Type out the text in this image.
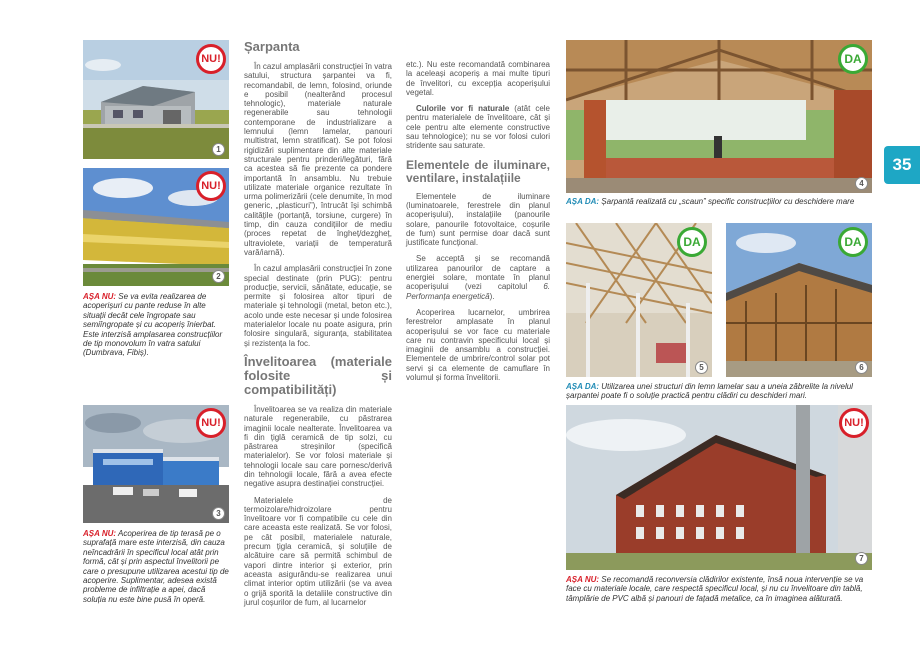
NU!
1
NU!
2
AȘA NU: Se va evita realizarea de acoperișuri cu pante reduse în alte situații decât cele îngropate sau semiîngropate și cu acoperiș înierbat. Este interzisă amplasarea construcțiilor de tip monovolum în vatra satului (Dumbrava, Fibiș).
NU!
3
AȘA NU: Acoperirea de tip terasă pe o suprafață mare este interzisă, din cauza neîncadrării în specificul local atât prin formă, cât și prin aspectul învelitorii pe care o presupune utilizarea acestui tip de acoperire. Suplimentar, adesea există probleme de infiltrație a apei, dacă soluția nu este bine pusă în operă.
Șarpanta

În cazul amplasării construcției în vatra satului, structura șarpantei va fi, recomandabil, de lemn, folosind, oriunde e posibil (nealterând procesul tehnologic), materiale naturale regenerabile sau tehnologii contemporane de industrializare a lemnului (lemn lamelar, panouri multistrat, lemn stratificat). Se pot folosi rigidizări suplimentare din alte materiale structurale pentru prinderi/legături, fără ca acestea să fie prezente ca pondere importantă în ansamblu. Nu trebuie utilizate materiale organice rezultate în urma polimerizării (cele denumite, în mod generic, „plasticuri”), întrucât își schimbă calitățile (portanță, torsiune, curgere) în timp, din cauza condițiilor de mediu (proces repetat de îngheț/dezgheț, ultraviolete, variații de temperatură vară/iarnă).

În cazul amplasării construcției în zone special destinate (prin PUG): pentru producție, servicii, sănătate, educație, se permite și folosirea altor tipuri de materiale și tehnologii (metal, beton etc.), acolo unde este necesar și unde folosirea materialelor locale nu poate asigura, prin folosire singulară, siguranța, stabilitatea și rezistența la foc.

Învelitoarea (materiale folosite și compatibilități)

Învelitoarea se va realiza din materiale naturale regenerabile, cu păstrarea imaginii locale nealterate. Învelitoarea va fi din țiglă ceramică de tip solzi, cu păstrarea streșinilor (specifică materialelor). Se vor folosi materiale și tehnologii locale sau care pornesc/derivă din tehnologii locale, fără a avea efecte negative asupra destinației construcției.

Materialele de termoizolare/hidroizolare pentru învelitoare vor fi compatibile cu cele din care aceasta este realizată. Se vor folosi, pe cât posibil, materialele naturale, precum țigla ceramică, și soluțiile de alcătuire care să permită schimbul de vapori dintre interior și exterior, prin aceasta asigurându-se realizarea unui climat interior optim utilizării (se va avea o grijă sporită la detaliile constructive din jurul coșurilor de fum, al lucarnelor

etc.). Nu este recomandată combinarea la aceleași acoperiș a mai multe tipuri de învelitori, cu excepția acoperișului vegetal.

Culorile vor fi naturale (atât cele pentru materialele de învelitoare, cât și cele pentru alte elemente constructive sau tehnologice); nu se vor folosi culori stridente sau saturate.

Elementele de iluminare, ventilare, instalațiile

Elementele de iluminare (luminatoarele, ferestrele din planul acoperișului), instalațiile (panourile solare, panourile fotovoltaice, coșurile de fum) sunt permise doar dacă sunt justificate funcțional.

Se acceptă și se recomandă utilizarea panourilor de captare a energiei solare, montate în planul acoperișului (vezi capitolul 6. Performanța energetică).

Acoperirea lucarnelor, umbrirea ferestrelor amplasate în planul acoperișului se vor face cu materiale care nu contravin specificului local și imaginii de ansamblu a construcției. Elementele de umbrire/control solar pot servi și ca elemente de camuflare în volumul și forma învelitorii.

DA
4
AȘA DA: Șarpantă realizată cu „scaun” specific construcțiilor cu deschidere mare
DA
5
DA
6
AȘA DA: Utilizarea unei structuri din lemn lamelar sau a uneia zăbrelite la nivelul șarpantei poate fi o soluție practică pentru clădiri cu deschideri mari.
NU!
7
AȘA NU: Se recomandă reconversia clădirilor existente, însă noua intervenție se va face cu materiale locale, care respectă specificul local, și nu cu învelitoare din tablă, tâmplărie de PVC albă și panouri de fațadă metalice, ca în imaginea alăturată.
35
